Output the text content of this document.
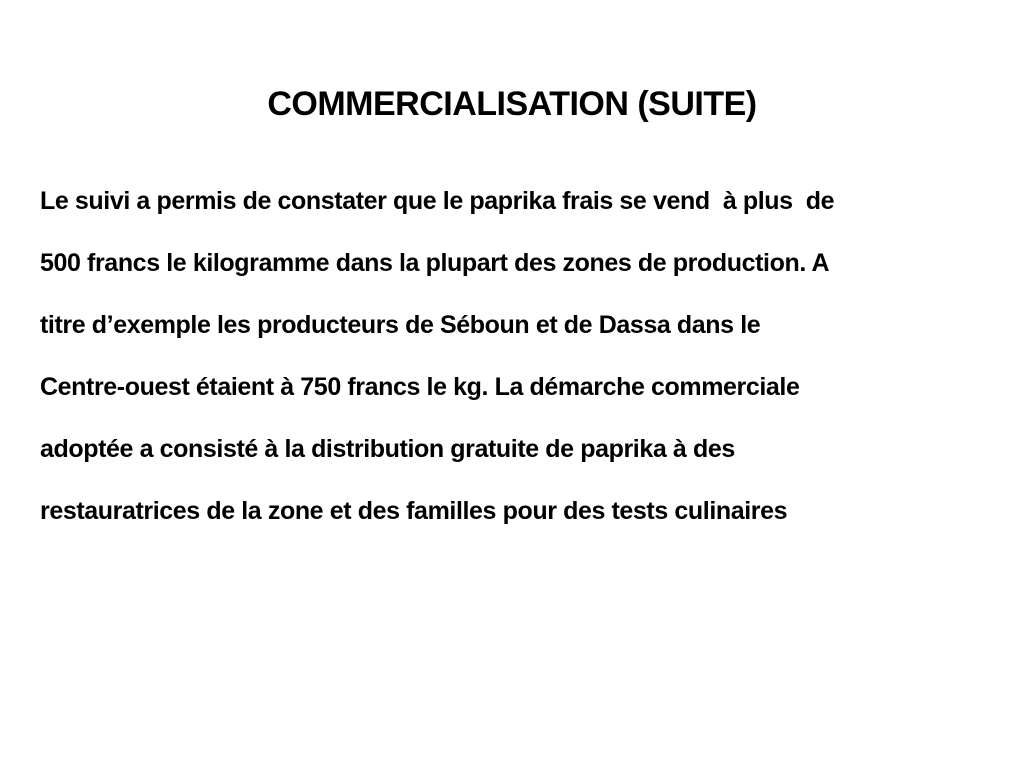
COMMERCIALISATION (SUITE)
Le suivi a permis de constater que le paprika frais se vend  à plus  de
500 francs le kilogramme dans la plupart des zones de production. A
titre d’exemple les producteurs de Séboun et de Dassa dans le
Centre-ouest étaient à 750 francs le kg. La démarche commerciale
adoptée a consisté à la distribution gratuite de paprika à des
restauratrices de la zone et des familles pour des tests culinaires
